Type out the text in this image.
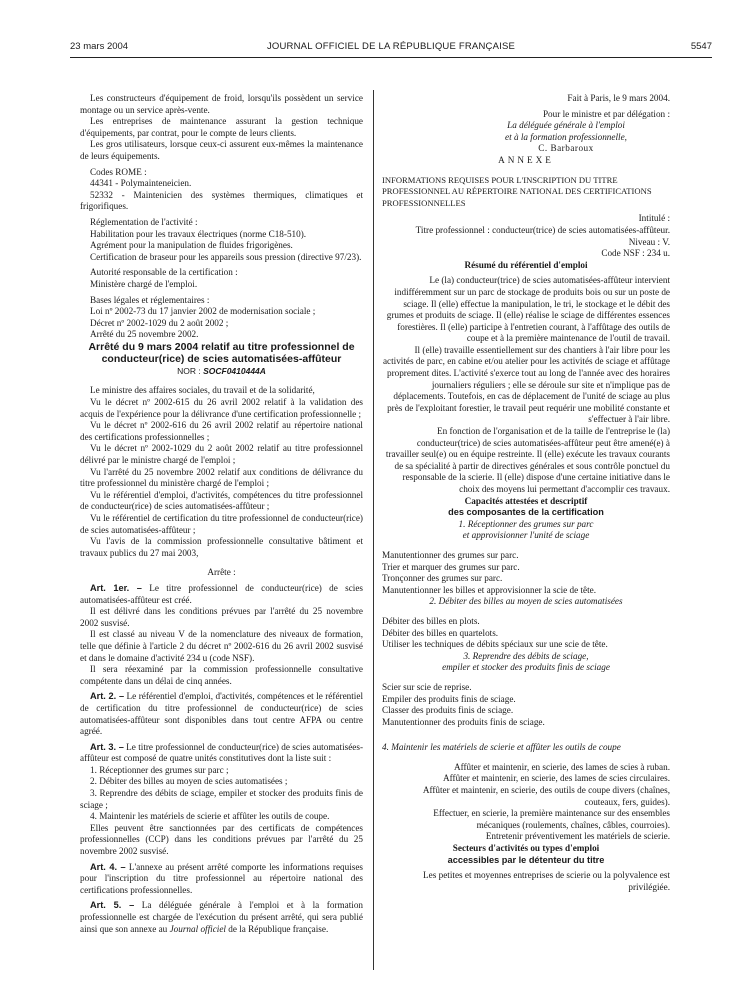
23 mars 2004	JOURNAL OFFICIEL DE LA RÉPUBLIQUE FRANÇAISE	5547

Les constructeurs d'équipement de froid, lorsqu'ils possèdent un service montage ou un service après-vente.

Les entreprises de maintenance assurant la gestion technique d'équipements, par contrat, pour le compte de leurs clients.

Les gros utilisateurs, lorsque ceux-ci assurent eux-mêmes la maintenance de leurs équipements.

Codes ROME :

44341 - Polymainteneicien.

52332 - Maintenicien des systèmes thermiques, climatiques et frigorifiques.

Réglementation de l'activité :

Habilitation pour les travaux électriques (norme C18-510).

Agrément pour la manipulation de fluides frigorigènes.

Certification de braseur pour les appareils sous pression (directive 97/23).

Autorité responsable de la certification :

Ministère chargé de l'emploi.

Bases légales et réglementaires :

Loi nº 2002-73 du 17 janvier 2002 de modernisation sociale ;

Décret nº 2002-1029 du 2 août 2002 ;

Arrêté du 25 novembre 2002.

Arrêté du 9 mars 2004 relatif au titre professionnel de conducteur(rice) de scies automatisées-affûteur

NOR : SOCF0410444A

Le ministre des affaires sociales, du travail et de la solidarité,

Vu le décret nº 2002-615 du 26 avril 2002 relatif à la validation des acquis de l'expérience pour la délivrance d'une certification professionnelle ;

Vu le décret nº 2002-616 du 26 avril 2002 relatif au répertoire national des certifications professionnelles ;

Vu le décret nº 2002-1029 du 2 août 2002 relatif au titre professionnel délivré par le ministre chargé de l'emploi ;

Vu l'arrêté du 25 novembre 2002 relatif aux conditions de délivrance du titre professionnel du ministère chargé de l'emploi ;

Vu le référentiel d'emploi, d'activités, compétences du titre professionnel de conducteur(rice) de scies automatisées-affûteur ;

Vu le référentiel de certification du titre professionnel de conducteur(rice) de scies automatisées-affûteur ;

Vu l'avis de la commission professionnelle consultative bâtiment et travaux publics du 27 mai 2003,

Arrête :

Art. 1er. – Le titre professionnel de conducteur(rice) de scies automatisées-affûteur est créé.

Il est délivré dans les conditions prévues par l'arrêté du 25 novembre 2002 susvisé.

Il est classé au niveau V de la nomenclature des niveaux de formation, telle que définie à l'article 2 du décret nº 2002-616 du 26 avril 2002 susvisé et dans le domaine d'activité 234 u (code NSF).

Il sera réexaminé par la commission professionnelle consultative compétente dans un délai de cinq années.

Art. 2. – Le référentiel d'emploi, d'activités, compétences et le référentiel de certification du titre professionnel de conducteur(rice) de scies automatisées-affûteur sont disponibles dans tout centre AFPA ou centre agréé.

Art. 3. – Le titre professionnel de conducteur(rice) de scies automatisées-affûteur est composé de quatre unités constitutives dont la liste suit :

1. Réceptionner des grumes sur parc ;

2. Débiter des billes au moyen de scies automatisées ;

3. Reprendre des débits de sciage, empiler et stocker des produits finis de sciage ;

4. Maintenir les matériels de scierie et affûter les outils de coupe.

Elles peuvent être sanctionnées par des certificats de compétences professionnelles (CCP) dans les conditions prévues par l'arrêté du 25 novembre 2002 susvisé.

Art. 4. – L'annexe au présent arrêté comporte les informations requises pour l'inscription du titre professionnel au répertoire national des certifications professionnelles.

Art. 5. – La déléguée générale à l'emploi et à la formation professionnelle est chargée de l'exécution du présent arrêté, qui sera publié ainsi que son annexe au Journal officiel de la République française.

Fait à Paris, le 9 mars 2004.

Pour le ministre et par délégation :

La déléguée générale à l'emploi

et à la formation professionnelle,

C. Barbaroux

ANNEXE

INFORMATIONS REQUISES POUR L'INSCRIPTION DU TITRE PROFESSIONNEL AU RÉPERTOIRE NATIONAL DES CERTIFICATIONS PROFESSIONNELLES

Intitulé :

Titre professionnel : conducteur(trice) de scies automatisées-affûteur.

Niveau : V.

Code NSF : 234 u.

Résumé du référentiel d'emploi

Le (la) conducteur(trice) de scies automatisées-affûteur intervient indifféremment sur un parc de stockage de produits bois ou sur un poste de sciage. Il (elle) effectue la manipulation, le tri, le stockage et le débit des grumes et produits de sciage. Il (elle) réalise le sciage de différentes essences forestières. Il (elle) participe à l'entretien courant, à l'affûtage des outils de coupe et à la première maintenance de l'outil de travail.

Il (elle) travaille essentiellement sur des chantiers à l'air libre pour les activités de parc, en cabine et/ou atelier pour les activités de sciage et affûtage proprement dites. L'activité s'exerce tout au long de l'année avec des horaires journaliers réguliers ; elle se déroule sur site et n'implique pas de déplacements. Toutefois, en cas de déplacement de l'unité de sciage au plus près de l'exploitant forestier, le travail peut requérir une mobilité constante et s'effectuer à l'air libre.

En fonction de l'organisation et de la taille de l'entreprise le (la) conducteur(trice) de scies automatisées-affûteur peut être amené(e) à travailler seul(e) ou en équipe restreinte. Il (elle) exécute les travaux courants de sa spécialité à partir de directives générales et sous contrôle ponctuel du responsable de la scierie. Il (elle) dispose d'une certaine initiative dans le choix des moyens lui permettant d'accomplir ces travaux.

Capacités attestées et descriptif

des composantes de la certification

1. Réceptionner des grumes sur parc

et approvisionner l'unité de sciage

Manutentionner des grumes sur parc.

Trier et marquer des grumes sur parc.

Tronçonner des grumes sur parc.

Manutentionner les billes et approvisionner la scie de tête.

2. Débiter des billes au moyen de scies automatisées

Débiter des billes en plots.

Débiter des billes en quartelots.

Utiliser les techniques de débits spéciaux sur une scie de tête.

3. Reprendre des débits de sciage,

empiler et stocker des produits finis de sciage

Scier sur scie de reprise.

Empiler des produits finis de sciage.

Classer des produits finis de sciage.

Manutentionner des produits finis de sciage.

4. Maintenir les matériels de scierie et affûter les outils de coupe

Affûter et maintenir, en scierie, des lames de scies à ruban.

Affûter et maintenir, en scierie, des lames de scies circulaires.

Affûter et maintenir, en scierie, des outils de coupe divers (chaînes, couteaux, fers, guides).

Effectuer, en scierie, la première maintenance sur des ensembles mécaniques (roulements, chaînes, câbles, courroies).

Entretenir préventivement les matériels de scierie.

Secteurs d'activités ou types d'emploi

accessibles par le détenteur du titre

Les petites et moyennes entreprises de scierie ou la polyvalence est privilégiée.
